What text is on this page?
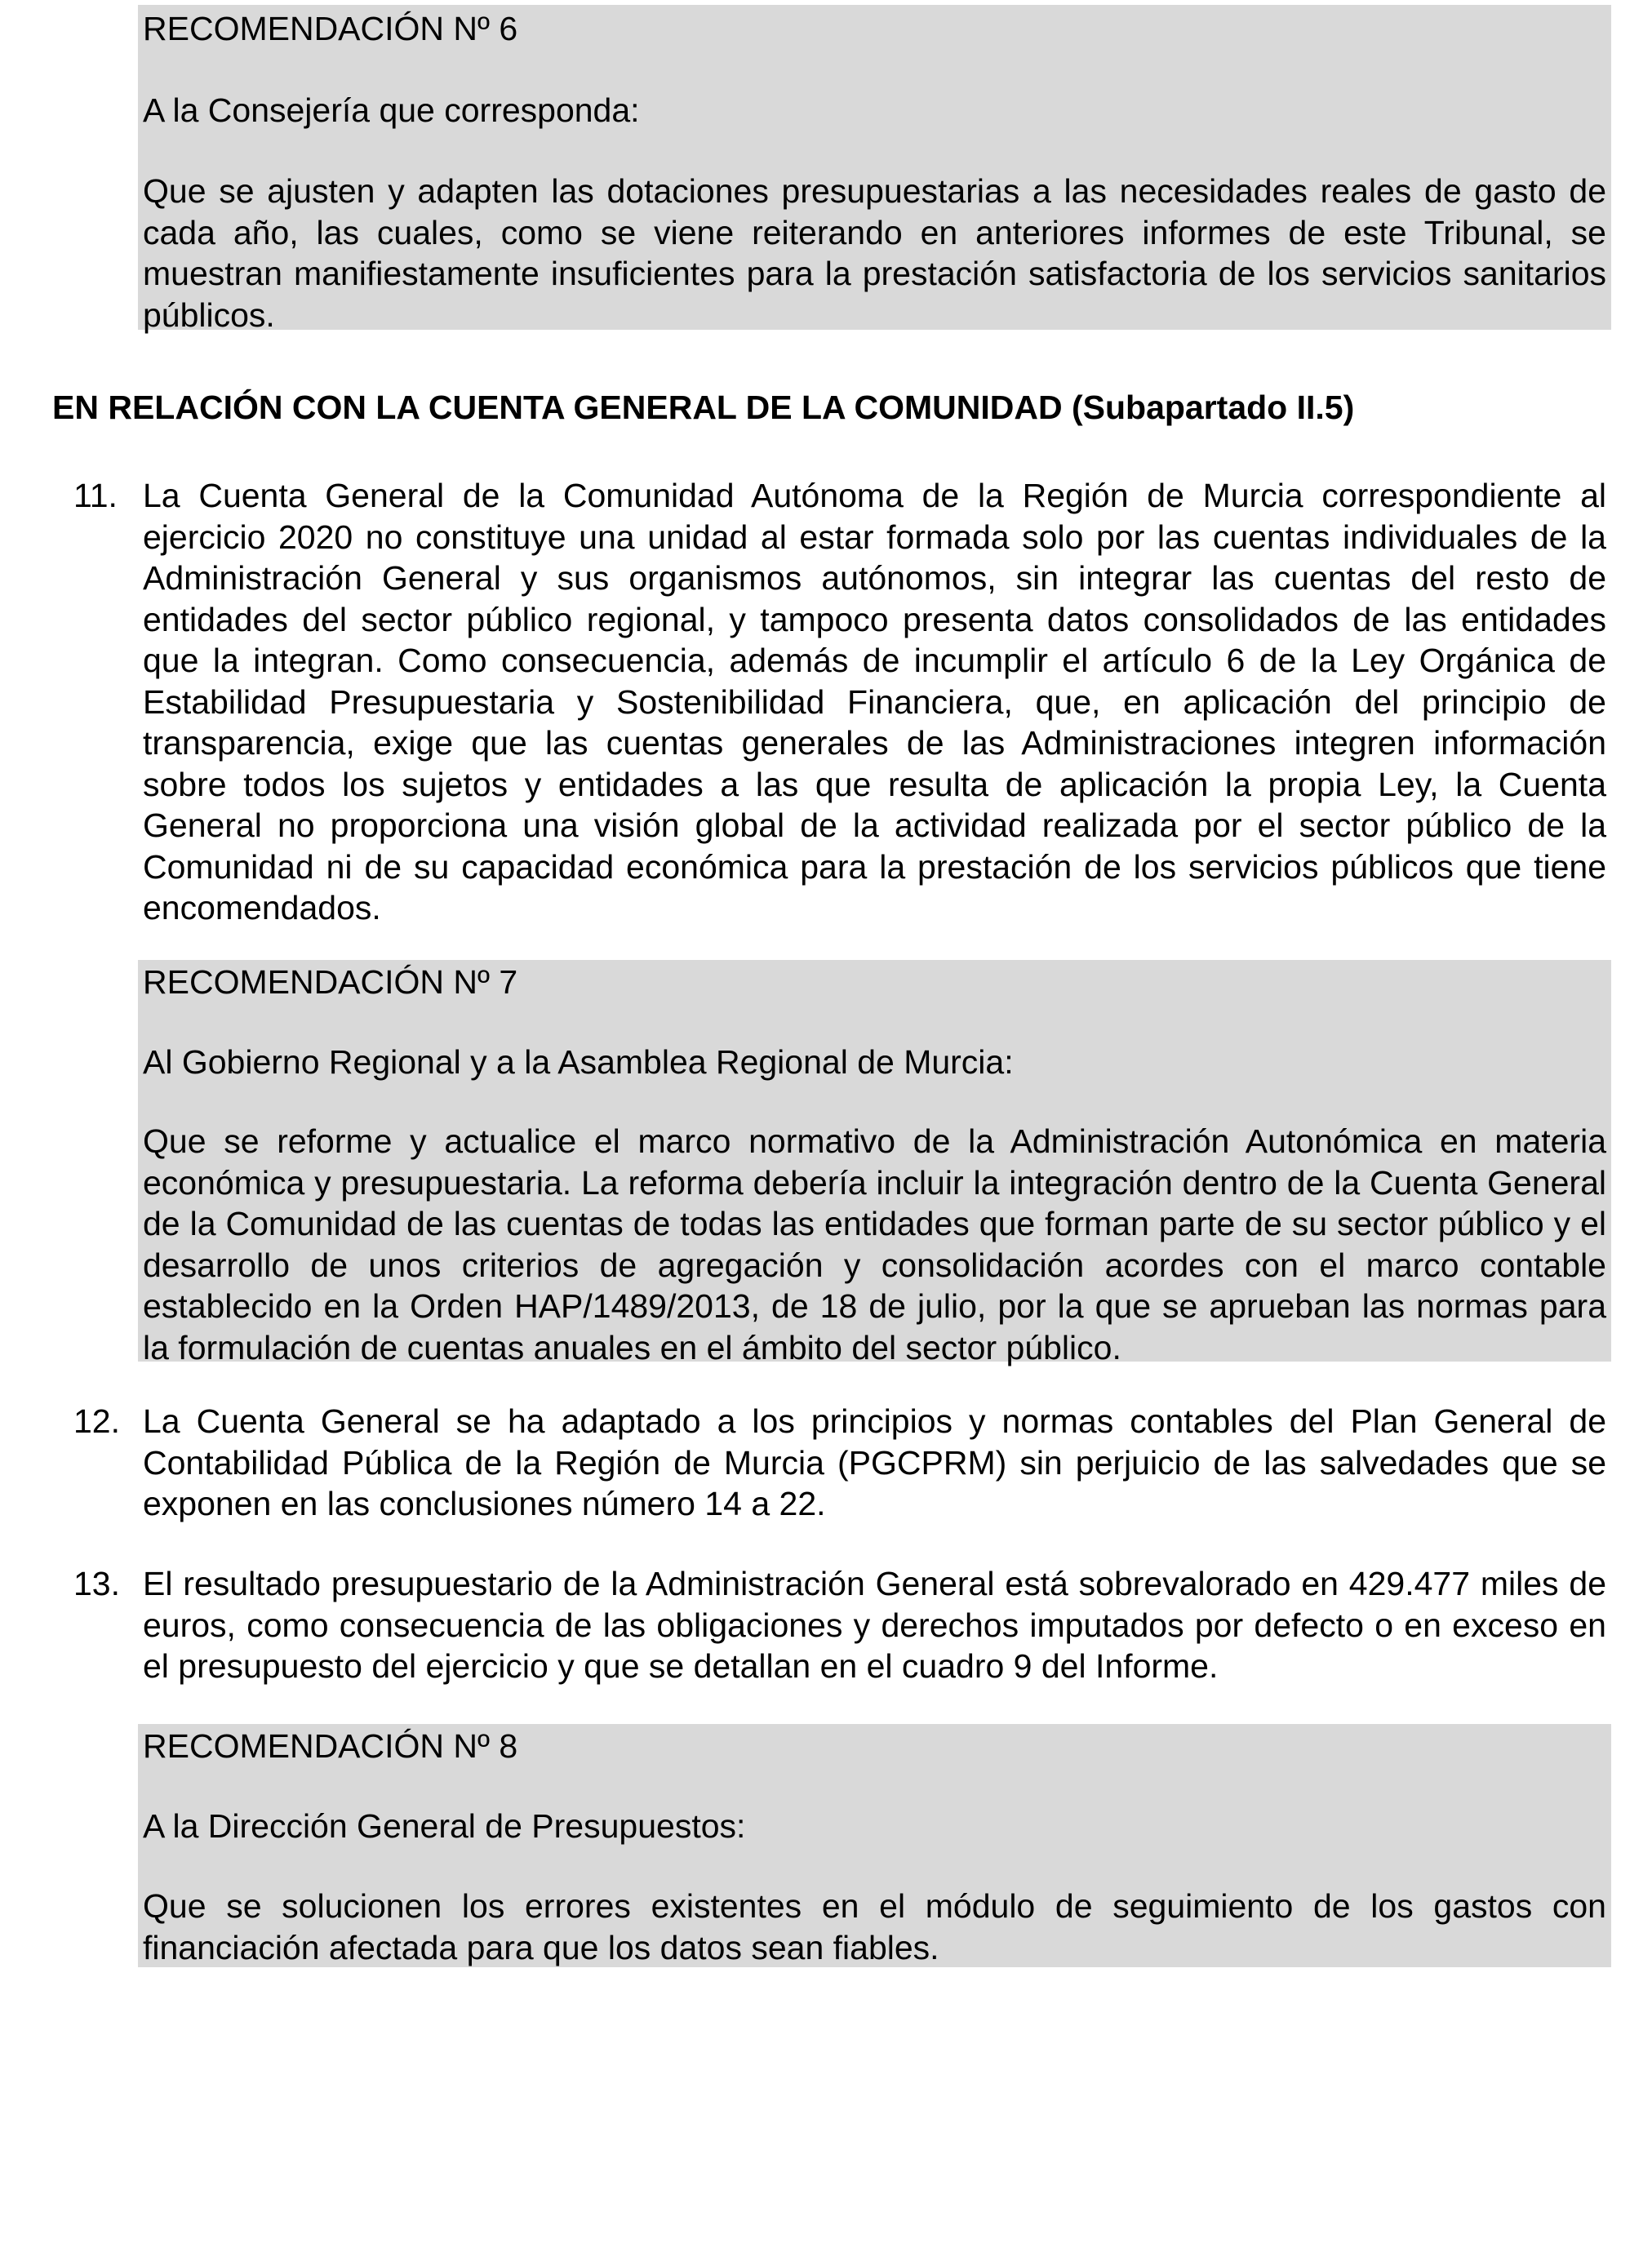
RECOMENDACIÓN Nº 6

A la Consejería que corresponda:

Que se ajusten y adapten las dotaciones presupuestarias a las necesidades reales de gasto de cada año, las cuales, como se viene reiterando en anteriores informes de este Tribunal, se muestran manifiestamente insuficientes para la prestación satisfactoria de los servicios sanitarios públicos.

EN RELACIÓN CON LA CUENTA GENERAL DE LA COMUNIDAD (Subapartado II.5)

11. La Cuenta General de la Comunidad Autónoma de la Región de Murcia correspondiente al ejercicio 2020 no constituye una unidad al estar formada solo por las cuentas individuales de la Administración General y sus organismos autónomos, sin integrar las cuentas del resto de entidades del sector público regional, y tampoco presenta datos consolidados de las entidades que la integran. Como consecuencia, además de incumplir el artículo 6 de la Ley Orgánica de Estabilidad Presupuestaria y Sostenibilidad Financiera, que, en aplicación del principio de transparencia, exige que las cuentas generales de las Administraciones integren información sobre todos los sujetos y entidades a las que resulta de aplicación la propia Ley, la Cuenta General no proporciona una visión global de la actividad realizada por el sector público de la Comunidad ni de su capacidad económica para la prestación de los servicios públicos que tiene encomendados.

RECOMENDACIÓN Nº 7

Al Gobierno Regional y a la Asamblea Regional de Murcia:

Que se reforme y actualice el marco normativo de la Administración Autonómica en materia económica y presupuestaria. La reforma debería incluir la integración dentro de la Cuenta General de la Comunidad de las cuentas de todas las entidades que forman parte de su sector público y el desarrollo de unos criterios de agregación y consolidación acordes con el marco contable establecido en la Orden HAP/1489/2013, de 18 de julio, por la que se aprueban las normas para la formulación de cuentas anuales en el ámbito del sector público.

12. La Cuenta General se ha adaptado a los principios y normas contables del Plan General de Contabilidad Pública de la Región de Murcia (PGCPRM) sin perjuicio de las salvedades que se exponen en las conclusiones número 14 a 22.

13. El resultado presupuestario de la Administración General está sobrevalorado en 429.477 miles de euros, como consecuencia de las obligaciones y derechos imputados por defecto o en exceso en el presupuesto del ejercicio y que se detallan en el cuadro 9 del Informe.

RECOMENDACIÓN Nº 8

A la Dirección General de Presupuestos:

Que se solucionen los errores existentes en el módulo de seguimiento de los gastos con financiación afectada para que los datos sean fiables.
